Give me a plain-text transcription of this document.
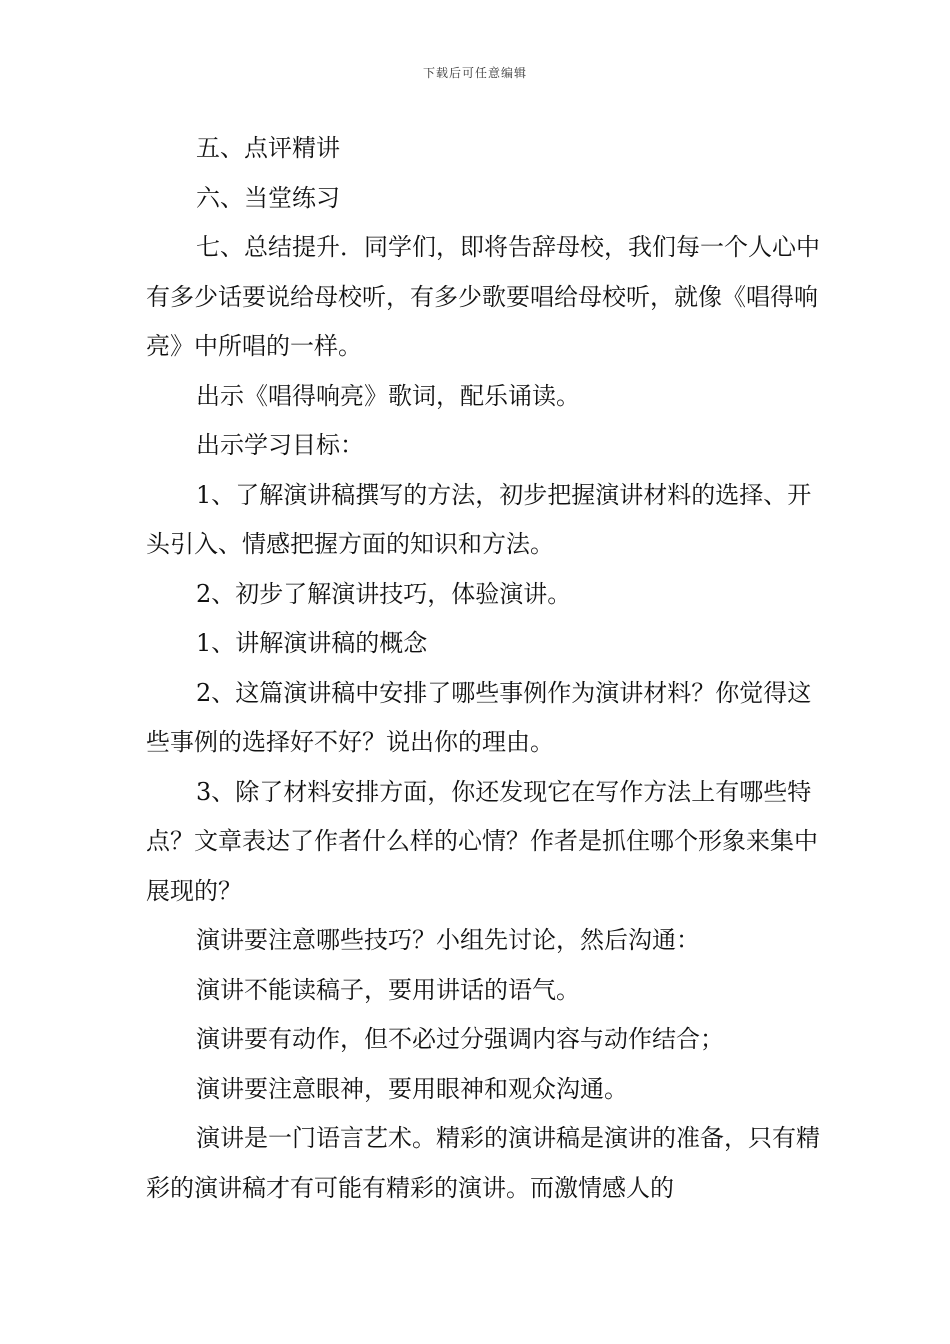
下载后可任意编辑

五、点评精讲

六、当堂练习

七、总结提升．同学们，即将告辞母校，我们每一个人心中有多少话要说给母校听，有多少歌要唱给母校听，就像《唱得响亮》中所唱的一样。

出示《唱得响亮》歌词，配乐诵读。

出示学习目标：

1、了解演讲稿撰写的方法，初步把握演讲材料的选择、开头引入、情感把握方面的知识和方法。

2、初步了解演讲技巧，体验演讲。

1、讲解演讲稿的概念

2、这篇演讲稿中安排了哪些事例作为演讲材料？你觉得这些事例的选择好不好？说出你的理由。

3、除了材料安排方面，你还发现它在写作方法上有哪些特点？文章表达了作者什么样的心情？作者是抓住哪个形象来集中展现的？

演讲要注意哪些技巧？小组先讨论，然后沟通：

演讲不能读稿子，要用讲话的语气。

演讲要有动作，但不必过分强调内容与动作结合；

演讲要注意眼神，要用眼神和观众沟通。

演讲是一门语言艺术。精彩的演讲稿是演讲的准备，只有精彩的演讲稿才有可能有精彩的演讲。而激情感人的
